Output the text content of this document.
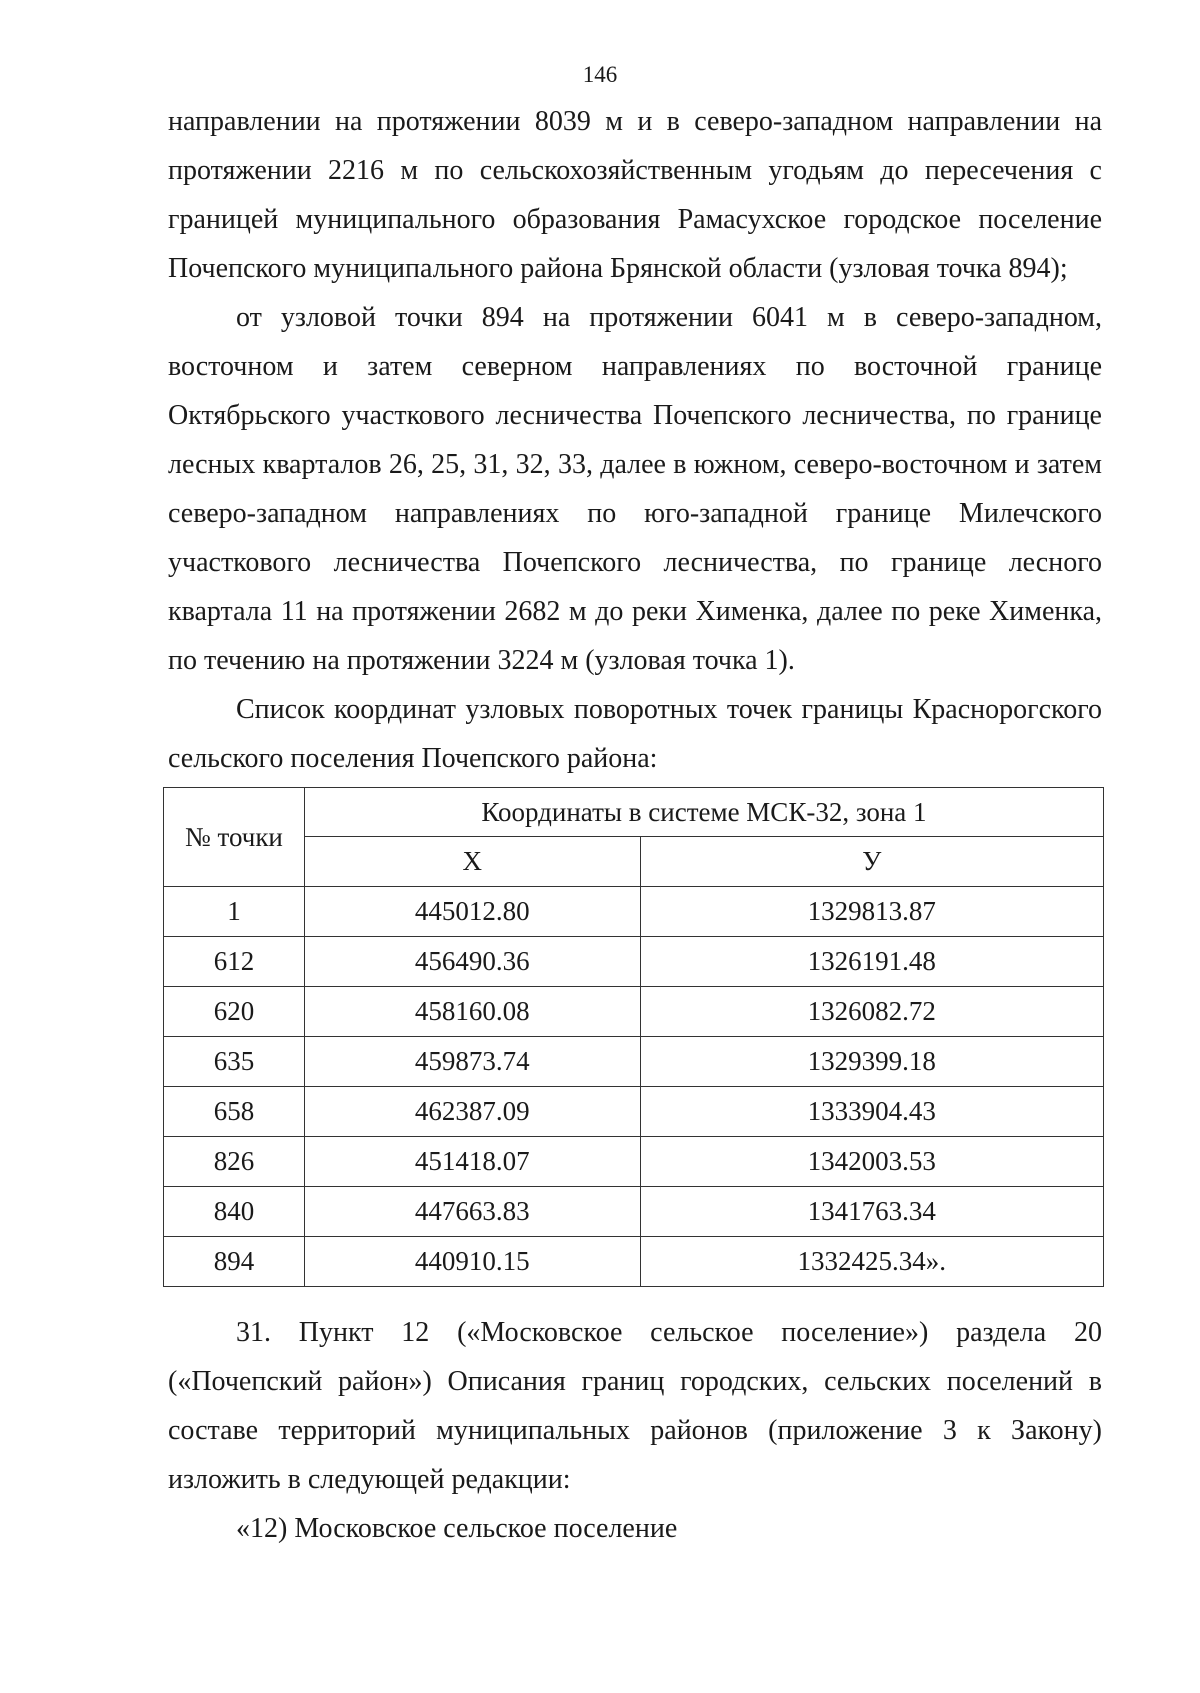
146

направлении на протяжении 8039 м и в северо-западном направлении на протяжении 2216 м по сельскохозяйственным угодьям до пересечения с границей муниципального образования Рамасухское городское поселение Почепского муниципального района Брянской области (узловая точка 894);

от узловой точки 894 на протяжении 6041 м в северо-западном, восточном и затем северном направлениях по восточной границе Октябрьского участкового лесничества Почепского лесничества, по границе лесных кварталов 26, 25, 31, 32, 33, далее в южном, северо-восточном и затем северо-западном направлениях по юго-западной границе Милечского участкового лесничества Почепского лесничества, по границе лесного квартала 11 на протяжении 2682 м до реки Хименка, далее по реке Хименка, по течению на протяжении 3224 м (узловая точка 1).

Список координат узловых поворотных точек границы Краснорогского сельского поселения Почепского района:

№ точки	Координаты в системе МСК-32, зона 1	
	X	У
1	445012.80	1329813.87
612	456490.36	1326191.48
620	458160.08	1326082.72
635	459873.74	1329399.18
658	462387.09	1333904.43
826	451418.07	1342003.53
840	447663.83	1341763.34
894	440910.15	1332425.34».

31. Пункт 12 («Московское сельское поселение») раздела 20 («Почепский район») Описания границ городских, сельских поселений в составе территорий муниципальных районов (приложение 3 к Закону) изложить в следующей редакции:

«12) Московское сельское поселение
